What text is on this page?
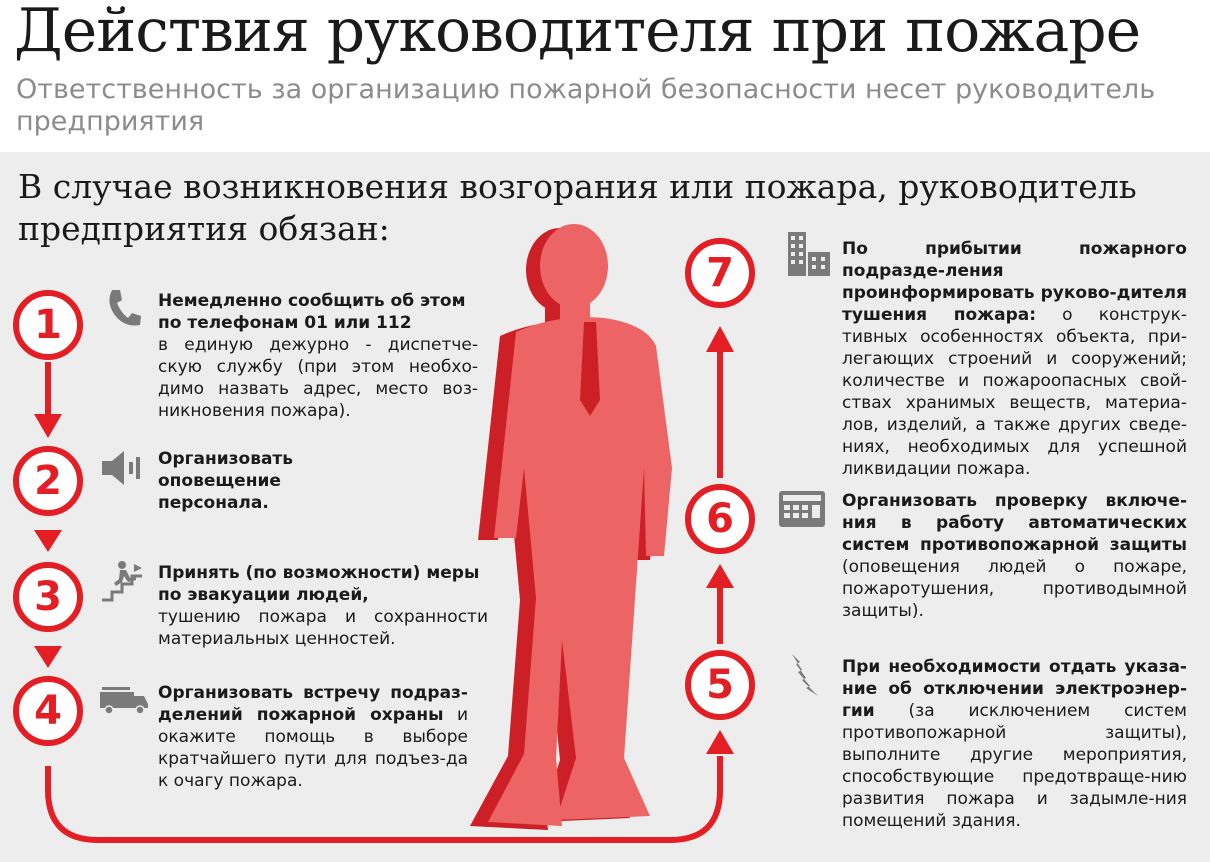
Действия руководителя при пожаре
Ответственность за организацию пожарной безопасности несет руководитель предприятия
В случае возникновения возгорания или пожара, руководитель предприятия обязан:
1
2
3
4
5
6
7
Немедленно сообщить об этом по телефонам 01 или 112
в единую дежурно - диспетче-скую службу (при этом необхо-димо назвать адрес, место воз-никновения пожара).
Организовать оповещение персонала.
Принять (по возможности) меры по эвакуации людей,
тушению пожара и сохранности материальных ценностей.
Организовать встречу подраз-делений пожарной охраны и окажите помощь в выборе кратчайшего пути для подъез-да к очагу пожара.
При необходимости отдать указа-ние об отключении электроэнер-гии (за исключением систем противопожарной защиты), выполните другие мероприятия, способствующие предотвраще-нию развития пожара и задымле-ния помещений здания.
Организовать проверку включе-ния в работу автоматических систем противопожарной защиты (оповещения людей о пожаре, пожаротушения, противодымной защиты).
По прибытии пожарного подразде-ления проинформировать руково-дителя тушения пожара: о конструк-тивных особенностях объекта, при-легающих строений и сооружений; количестве и пожароопасных свой-ствах хранимых веществ, материа-лов, изделий, а также других сведе-ниях, необходимых для успешной ликвидации пожара.
